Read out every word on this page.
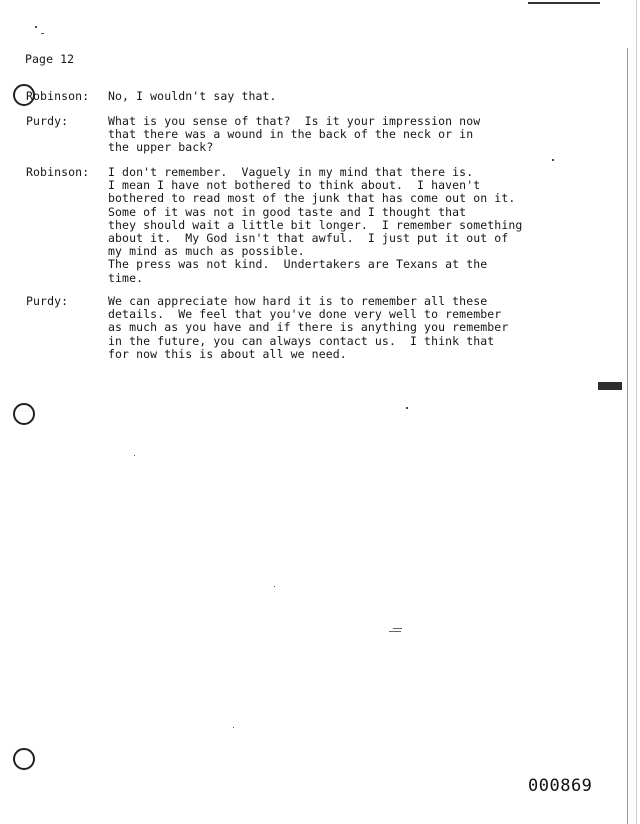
Page 12
Robinson: No, I wouldn't say that.
Purdy:	What is you sense of that?  Is it your impression now
that there was a wound in the back of the neck or in
the upper back?
Robinson: I don't remember.  Vaguely in my mind that there is.
I mean I have not bothered to think about.  I haven't
bothered to read most of the junk that has come out on it.
Some of it was not in good taste and I thought that
they should wait a little bit longer.  I remember something
about it.  My God isn't that awful.  I just put it out of
my mind as much as possible.
The press was not kind.  Undertakers are Texans at the
time.
Purdy:	We can appreciate how hard it is to remember all these
details.  We feel that you've done very well to remember
as much as you have and if there is anything you remember
in the future, you can always contact us.  I think that
for now this is about all we need.
000869
